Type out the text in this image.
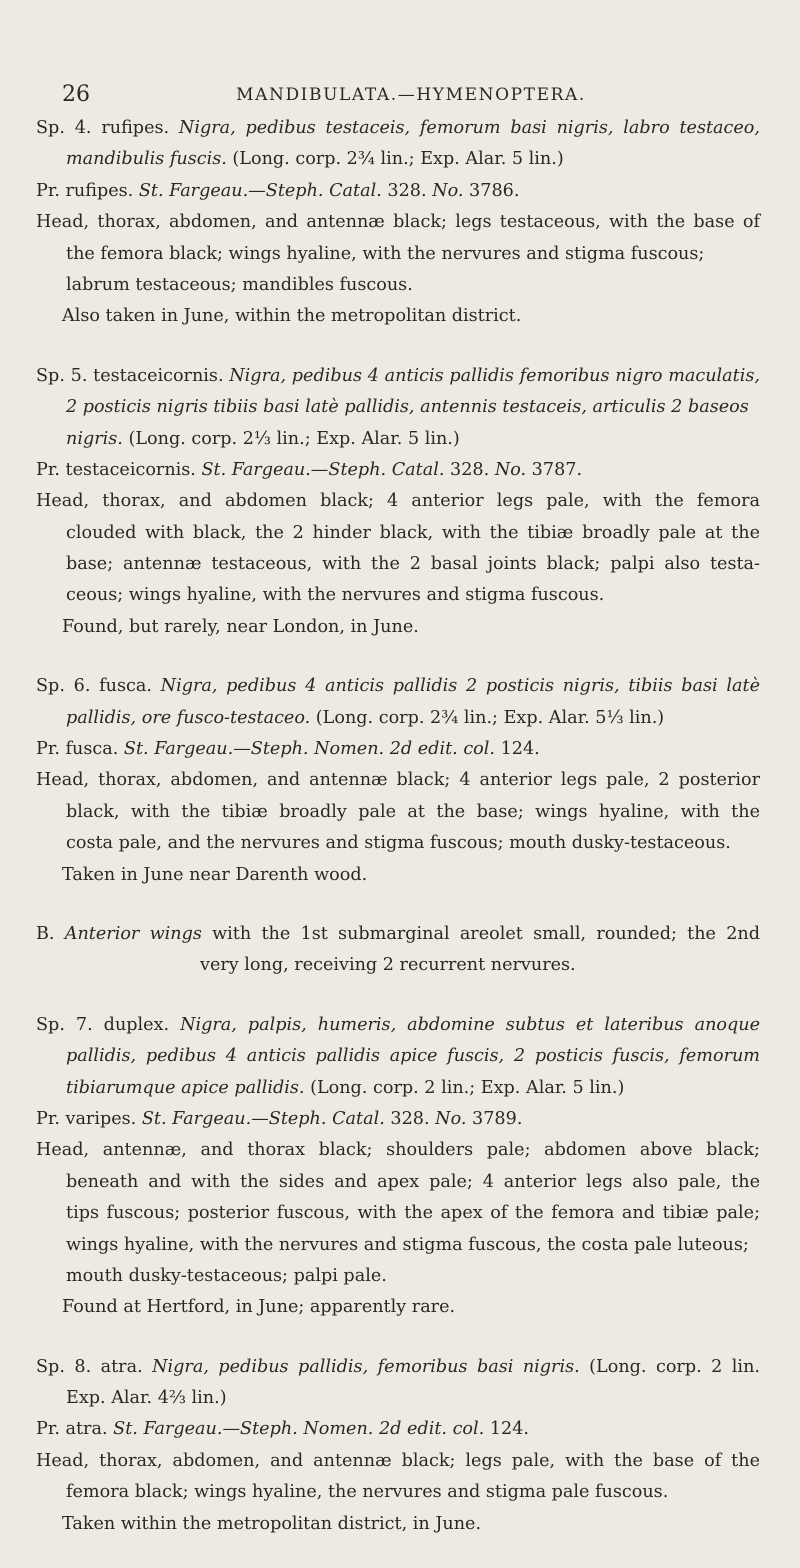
26	MANDIBULATA.—HYMENOPTERA.
Sp. 4. rufipes. Nigra, pedibus testaceis, femorum basi nigris, labro testaceo,
mandibulis fuscis. (Long. corp. 2¾ lin.; Exp. Alar. 5 lin.)
Pr. rufipes. St. Fargeau.—Steph. Catal. 328. No. 3786.
Head, thorax, abdomen, and antennæ black; legs testaceous, with the base of
the femora black; wings hyaline, with the nervures and stigma fuscous;
labrum testaceous; mandibles fuscous.
Also taken in June, within the metropolitan district.
Sp. 5. testaceicornis. Nigra, pedibus 4 anticis pallidis femoribus nigro maculatis,
2 posticis nigris tibiis basi latè pallidis, antennis testaceis, articulis 2 baseos
nigris. (Long. corp. 2⅓ lin.; Exp. Alar. 5 lin.)
Pr. testaceicornis. St. Fargeau.—Steph. Catal. 328. No. 3787.
Head, thorax, and abdomen black; 4 anterior legs pale, with the femora
clouded with black, the 2 hinder black, with the tibiæ broadly pale at the
base; antennæ testaceous, with the 2 basal joints black; palpi also testa-
ceous; wings hyaline, with the nervures and stigma fuscous.
Found, but rarely, near London, in June.
Sp. 6. fusca. Nigra, pedibus 4 anticis pallidis 2 posticis nigris, tibiis basi latè
pallidis, ore fusco-testaceo. (Long. corp. 2¾ lin.; Exp. Alar. 5⅓ lin.)
Pr. fusca. St. Fargeau.—Steph. Nomen. 2d edit. col. 124.
Head, thorax, abdomen, and antennæ black; 4 anterior legs pale, 2 posterior
black, with the tibiæ broadly pale at the base; wings hyaline, with the
costa pale, and the nervures and stigma fuscous; mouth dusky-testaceous.
Taken in June near Darenth wood.
B. Anterior wings with the 1st submarginal areolet small, rounded; the 2nd
very long, receiving 2 recurrent nervures.
Sp. 7. duplex. Nigra, palpis, humeris, abdomine subtus et lateribus anoque
pallidis, pedibus 4 anticis pallidis apice fuscis, 2 posticis fuscis, femorum
tibiarumque apice pallidis. (Long. corp. 2 lin.; Exp. Alar. 5 lin.)
Pr. varipes. St. Fargeau.—Steph. Catal. 328. No. 3789.
Head, antennæ, and thorax black; shoulders pale; abdomen above black;
beneath and with the sides and apex pale; 4 anterior legs also pale, the
tips fuscous; posterior fuscous, with the apex of the femora and tibiæ pale;
wings hyaline, with the nervures and stigma fuscous, the costa pale luteous;
mouth dusky-testaceous; palpi pale.
Found at Hertford, in June; apparently rare.
Sp. 8. atra. Nigra, pedibus pallidis, femoribus basi nigris. (Long. corp. 2 lin.
Exp. Alar. 4⅔ lin.)
Pr. atra. St. Fargeau.—Steph. Nomen. 2d edit. col. 124.
Head, thorax, abdomen, and antennæ black; legs pale, with the base of the
femora black; wings hyaline, the nervures and stigma pale fuscous.
Taken within the metropolitan district, in June.
